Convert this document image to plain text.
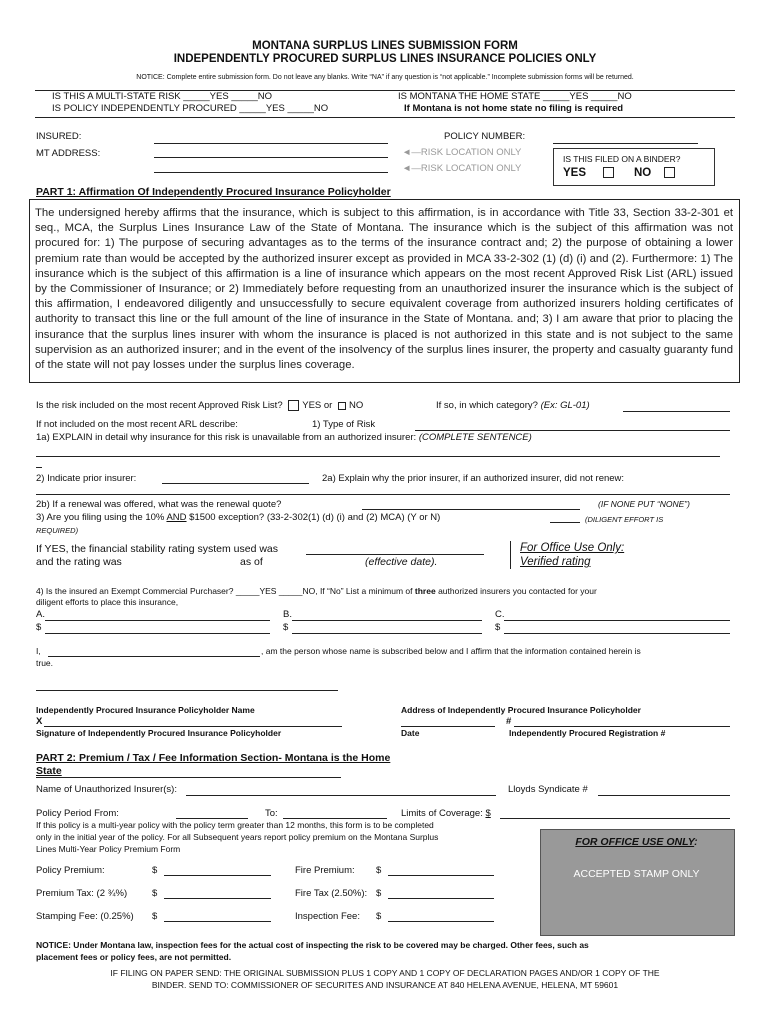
MONTANA SURPLUS LINES SUBMISSION FORM
INDEPENDENTLY PROCURED SURPLUS LINES INSURANCE POLICIES ONLY
NOTICE: Complete entire submission form. Do not leave any blanks. Write “NA” if any question is “not applicable.” Incomplete submission forms will be returned.
IS THIS A MULTI-STATE RISK _____YES _____NO
IS POLICY INDEPENDENTLY PROCURED _____YES _____NO
IS MONTANA THE HOME STATE _____YES _____NO
If Montana is not home state no filing is required
INSURED:
MT ADDRESS:
POLICY NUMBER:
◄—RISK LOCATION ONLY
◄—RISK LOCATION ONLY
IS THIS FILED ON A BINDER?
YES	NO
PART 1: Affirmation Of Independently Procured Insurance Policyholder
The undersigned hereby affirms that the insurance, which is subject to this affirmation, is in accordance with Title 33, Section 33-2-301 et seq., MCA, the Surplus Lines Insurance Law of the State of Montana. The insurance which is the subject of this affirmation was not procured for: 1) The purpose of securing advantages as to the terms of the insurance contract and; 2) the purpose of obtaining a lower premium rate than would be accepted by the authorized insurer except as provided in MCA 33-2-302 (1) (d) (i) and (2). Furthermore: 1) The insurance which is the subject of this affirmation is a line of insurance which appears on the most recent Approved Risk List (ARL) issued by the Commissioner of Insurance; or 2) Immediately before requesting from an unauthorized insurer the insurance which is the subject of this affirmation, I endeavored diligently and unsuccessfully to secure equivalent coverage from authorized insurers holding certificates of authority to transact this line or the full amount of the line of insurance in the State of Montana. and; 3) I am aware that prior to placing the insurance that the surplus lines insurer with whom the insurance is placed is not authorized in this state and is not subject to the same supervision as an authorized insurer; and in the event of the insolvency of the surplus lines insurer, the property and casualty guaranty fund of the state will not pay losses under the surplus lines coverage.
Is the risk included on the most recent Approved Risk List? YES or NO	If so, in which category? (Ex: GL-01)
If not included on the most recent ARL describe:	1) Type of Risk
1a) EXPLAIN in detail why insurance for this risk is unavailable from an authorized insurer: (COMPLETE SENTENCE)
2) Indicate prior insurer:	2a) Explain why the prior insurer, if an authorized insurer, did not renew:
2b) If a renewal was offered, what was the renewal quote?	(IF NONE PUT “NONE”)
3) Are you filing using the 10% AND $1500 exception? (33-2-302(1) (d) (i) and (2) MCA) (Y or N)	(DILIGENT EFFORT IS
REQUIRED)
If YES, the financial stability rating system used was
and the rating was	as of	(effective date).
For Office Use Only:
Verified rating
4) Is the insured an Exempt Commercial Purchaser? _____YES _____NO, If “No” List a minimum of three authorized insurers you contacted for your
diligent efforts to place this insurance,
A.
$
B.
$
C.
$
I,	, am the person whose name is subscribed below and I affirm that the information contained herein is
true.
Independently Procured Insurance Policyholder Name
X
Signature of Independently Procured Insurance Policyholder
Address of Independently Procured Insurance Policyholder
#
Date	Independently Procured Registration #
PART 2: Premium / Tax / Fee Information Section- Montana is the Home
State
Name of Unauthorized Insurer(s):	Lloyds Syndicate #
Policy Period From:	To:	Limits of Coverage: $
If this policy is a multi-year policy with the policy term greater than 12 months, this form is to be completed
only in the initial year of the policy. For all Subsequent years report policy premium on the Montana Surplus
Lines Multi-Year Policy Premium Form
FOR OFFICE USE ONLY:
ACCEPTED STAMP ONLY
Policy Premium:	$	Fire Premium: $
Premium Tax: (2 ¾%)	$	Fire Tax (2.50%): $
Stamping Fee: (0.25%) $	Inspection Fee: $
NOTICE: Under Montana law, inspection fees for the actual cost of inspecting the risk to be covered may be charged. Other fees, such as
placement fees or policy fees, are not permitted.
IF FILING ON PAPER SEND: THE ORIGINAL SUBMISSION PLUS 1 COPY AND 1 COPY OF DECLARATION PAGES AND/OR 1 COPY OF THE
BINDER. SEND TO: COMMISSIONER OF SECURITES AND INSURANCE AT 840 HELENA AVENUE, HELENA, MT 59601
